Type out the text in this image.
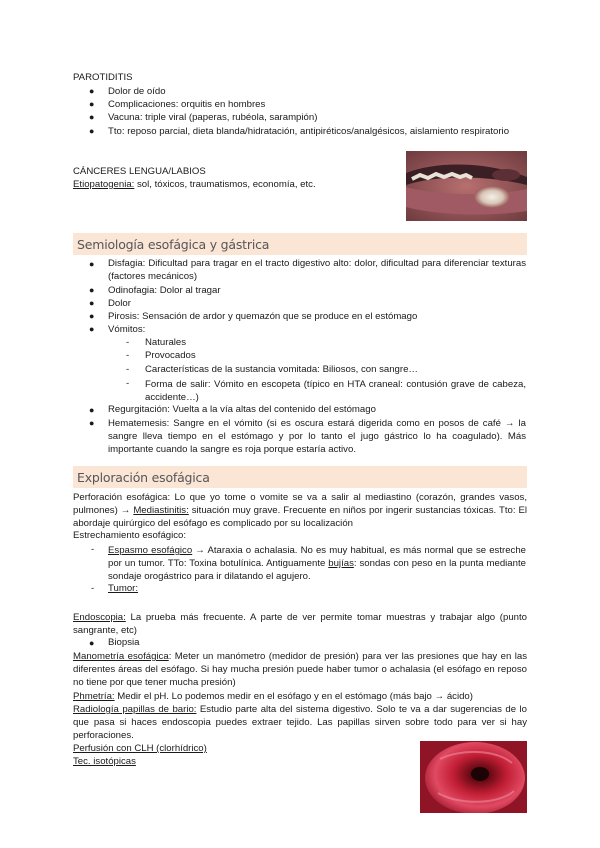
PAROTIDITIS
● Dolor de oído
● Complicaciones: orquitis en hombres
● Vacuna: triple viral (paperas, rubéola, sarampión)
● Tto: reposo parcial, dieta blanda/hidratación, antipiréticos/analgésicos, aislamiento respiratorio
CÁNCERES LENGUA/LABIOS
Etiopatogenia: sol, tóxicos, traumatismos, economía, etc.
Semiología esofágica y gástrica
● Disfagia: Dificultad para tragar en el tracto digestivo alto: dolor, dificultad para diferenciar texturas (factores mecánicos)
● Odinofagia: Dolor al tragar
● Dolor
● Pirosis: Sensación de ardor y quemazón que se produce en el estómago
● Vómitos:
- Naturales
- Provocados
- Características de la sustancia vomitada: Biliosos, con sangre…
- Forma de salir: Vómito en escopeta (típico en HTA craneal: contusión grave de cabeza, accidente…)
● Regurgitación: Vuelta a la vía altas del contenido del estómago
● Hematemesis: Sangre en el vómito (si es oscura estará digerida como en posos de café → la sangre lleva tiempo en el estómago y por lo tanto el jugo gástrico lo ha coagulado). Más importante cuando la sangre es roja porque estaría activo.
Exploración esofágica
Perforación esofágica: Lo que yo tome o vomite se va a salir al mediastino (corazón, grandes vasos, pulmones) → Mediastinitis: situación muy grave. Frecuente en niños por ingerir sustancias tóxicas. Tto: El abordaje quirúrgico del esófago es complicado por su localización
Estrechamiento esofágico:
- Espasmo esofágico → Ataraxia o achalasia. No es muy habitual, es más normal que se estreche por un tumor. TTo: Toxina botulínica. Antiguamente bujías: sondas con peso en la punta mediante sondaje orogástrico para ir dilatando el agujero.
- Tumor:
Endoscopia: La prueba más frecuente. A parte de ver permite tomar muestras y trabajar algo (punto sangrante, etc)
● Biopsia
Manometría esofágica: Meter un manómetro (medidor de presión) para ver las presiones que hay en las diferentes áreas del esófago. Si hay mucha presión puede haber tumor o achalasia (el esófago en reposo no tiene por que tener mucha presión)
Phmetría: Medir el pH. Lo podemos medir en el esófago y en el estómago (más bajo → ácido)
Radiología papillas de bario: Estudio parte alta del sistema digestivo. Solo te va a dar sugerencias de lo que pasa si haces endoscopia puedes extraer tejido. Las papillas sirven sobre todo para ver si hay perforaciones.
Perfusión con CLH (clorhídrico)
Tec. isotópicas
